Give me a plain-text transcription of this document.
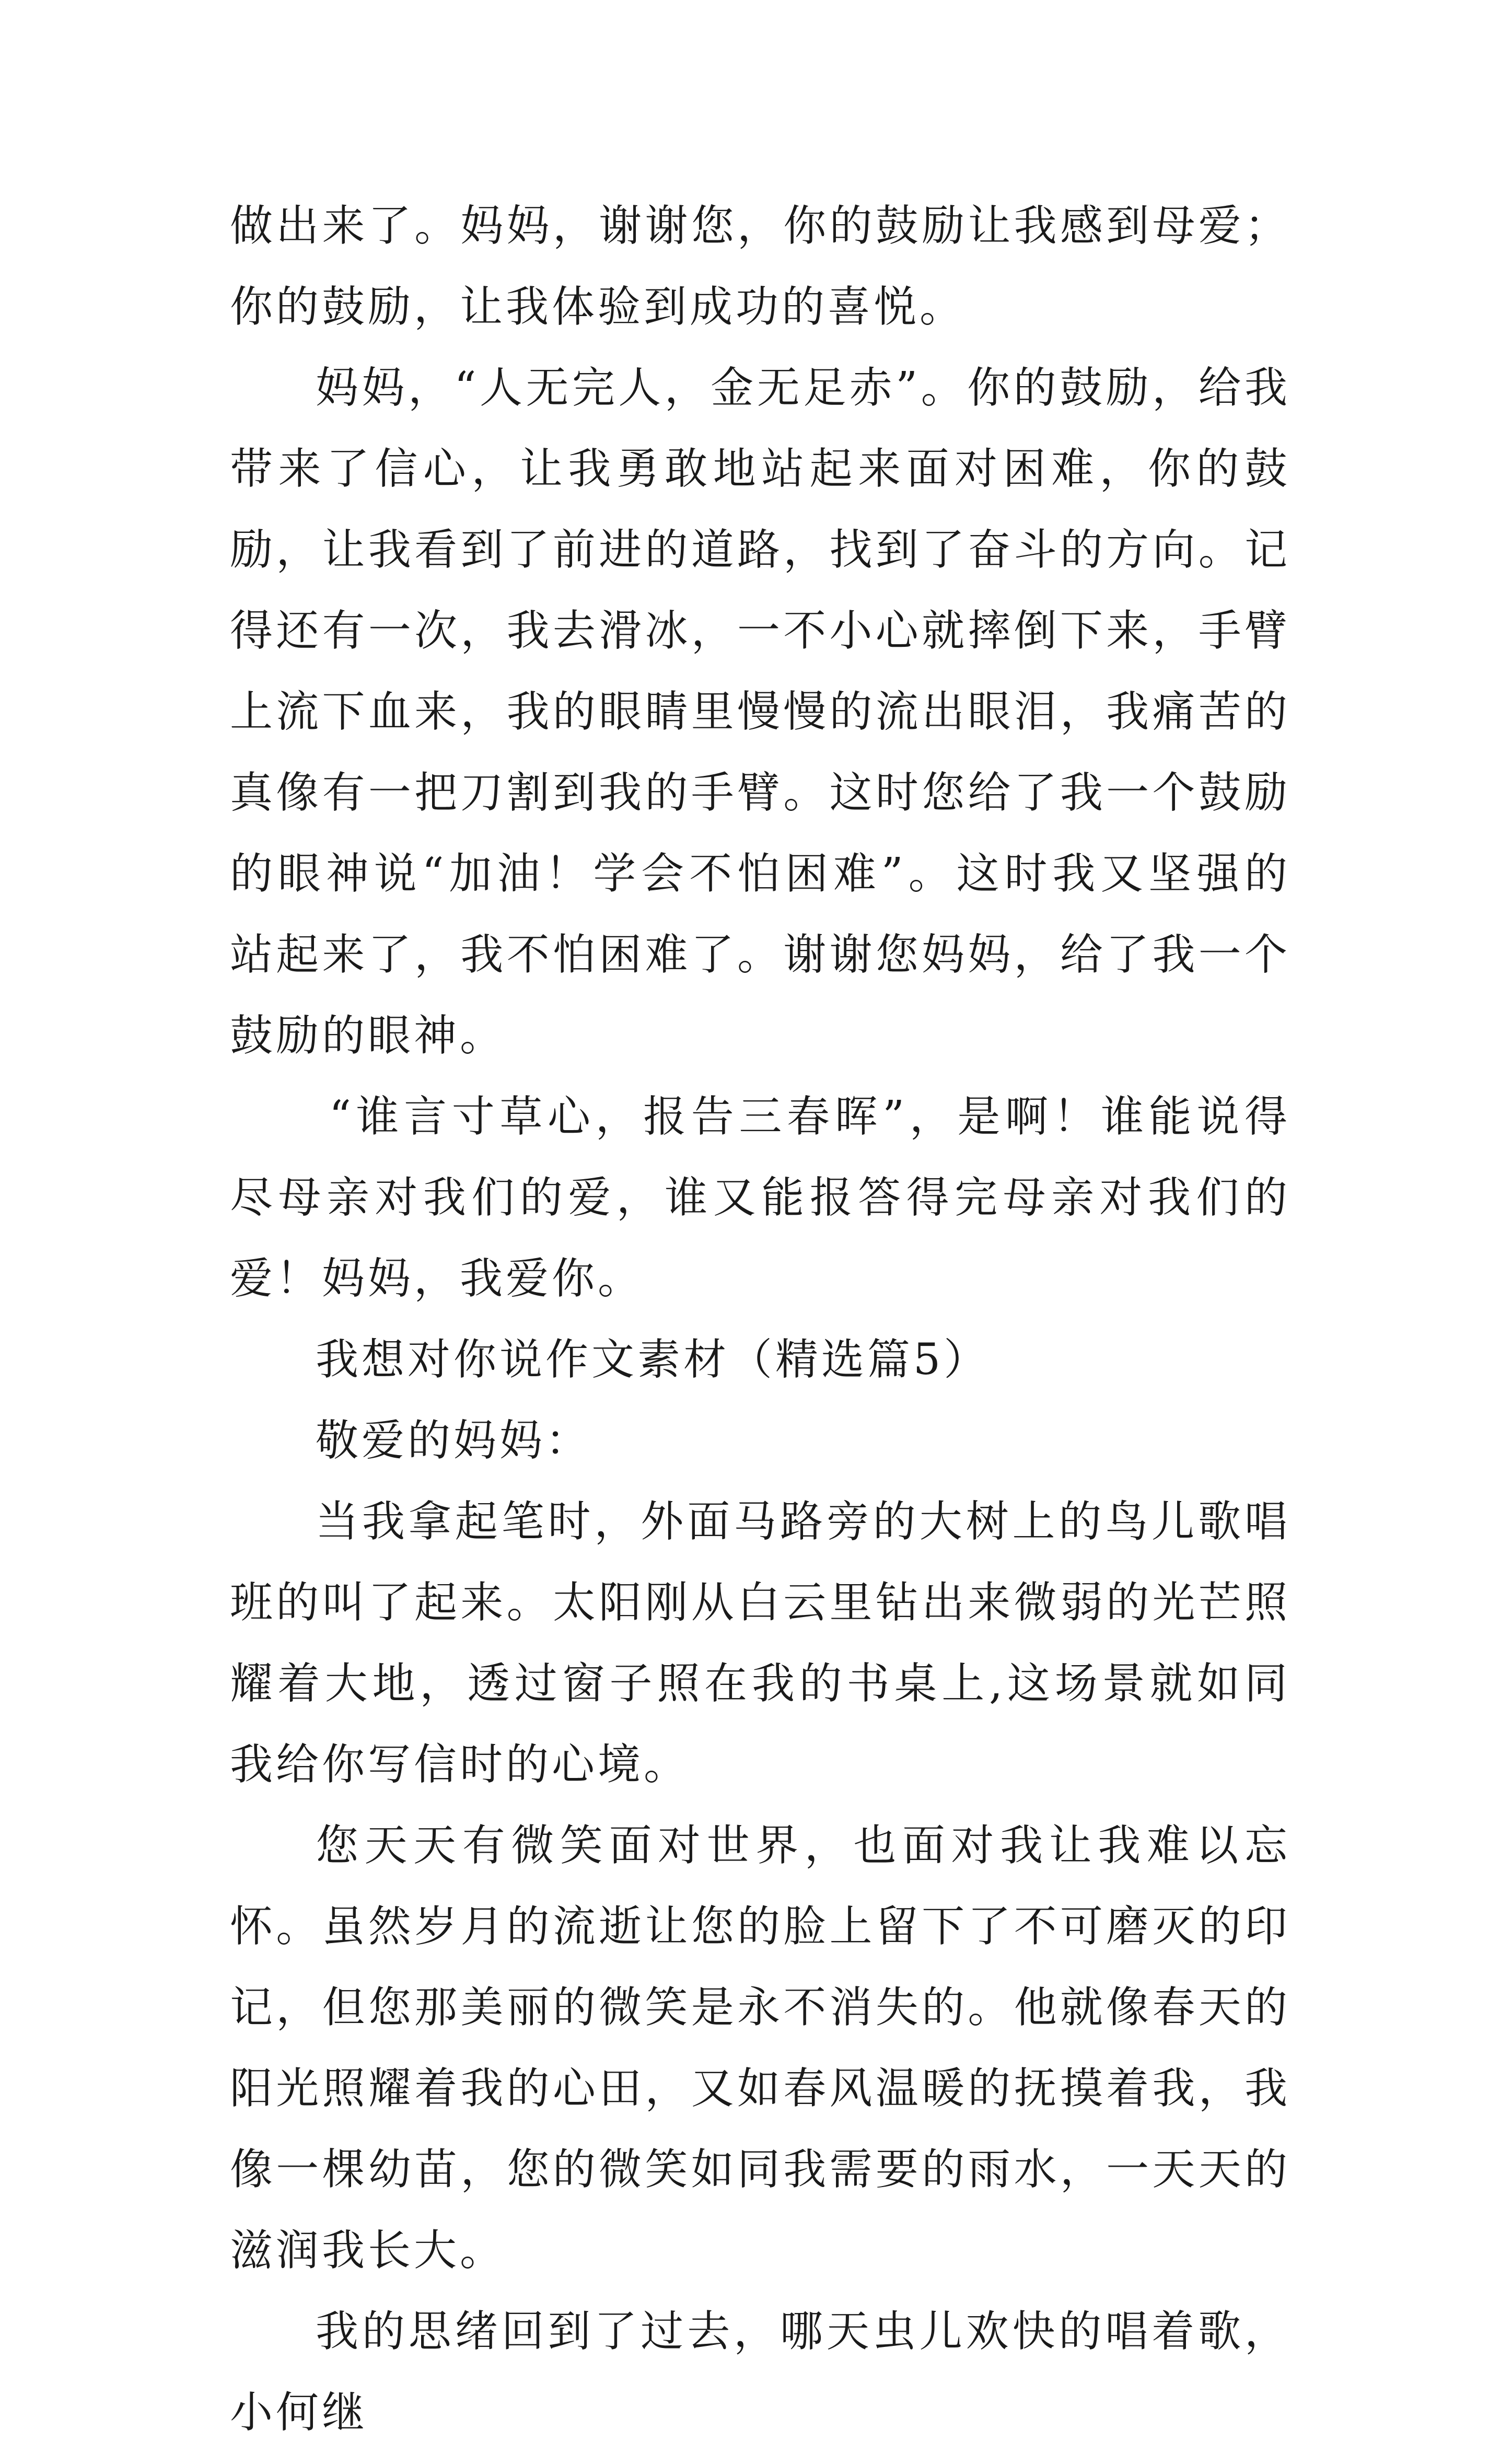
做出来了。妈妈，谢谢您，你的鼓励让我感到母爱；你的鼓励，让我体验到成功的喜悦。

妈妈，“人无完人，金无足赤”。你的鼓励，给我带来了信心，让我勇敢地站起来面对困难，你的鼓励，让我看到了前进的道路，找到了奋斗的方向。记得还有一次，我去滑冰，一不小心就摔倒下来，手臂上流下血来，我的眼睛里慢慢的流出眼泪，我痛苦的真像有一把刀割到我的手臂。这时您给了我一个鼓励的眼神说“加油！学会不怕困难”。这时我又坚强的站起来了，我不怕困难了。谢谢您妈妈，给了我一个鼓励的眼神。

“谁言寸草心，报告三春晖”，是啊！谁能说得尽母亲对我们的爱，谁又能报答得完母亲对我们的爱！妈妈，我爱你。

我想对你说作文素材（精选篇5）

敬爱的妈妈：

当我拿起笔时，外面马路旁的大树上的鸟儿歌唱班的叫了起来。太阳刚从白云里钻出来微弱的光芒照耀着大地，透过窗子照在我的书桌上,这场景就如同我给你写信时的心境。

您天天有微笑面对世界，也面对我让我难以忘怀。虽然岁月的流逝让您的脸上留下了不可磨灭的印记，但您那美丽的微笑是永不消失的。他就像春天的阳光照耀着我的心田，又如春风温暖的抚摸着我，我像一棵幼苗，您的微笑如同我需要的雨水，一天天的滋润我长大。

我的思绪回到了过去，哪天虫儿欢快的唱着歌，小何继
